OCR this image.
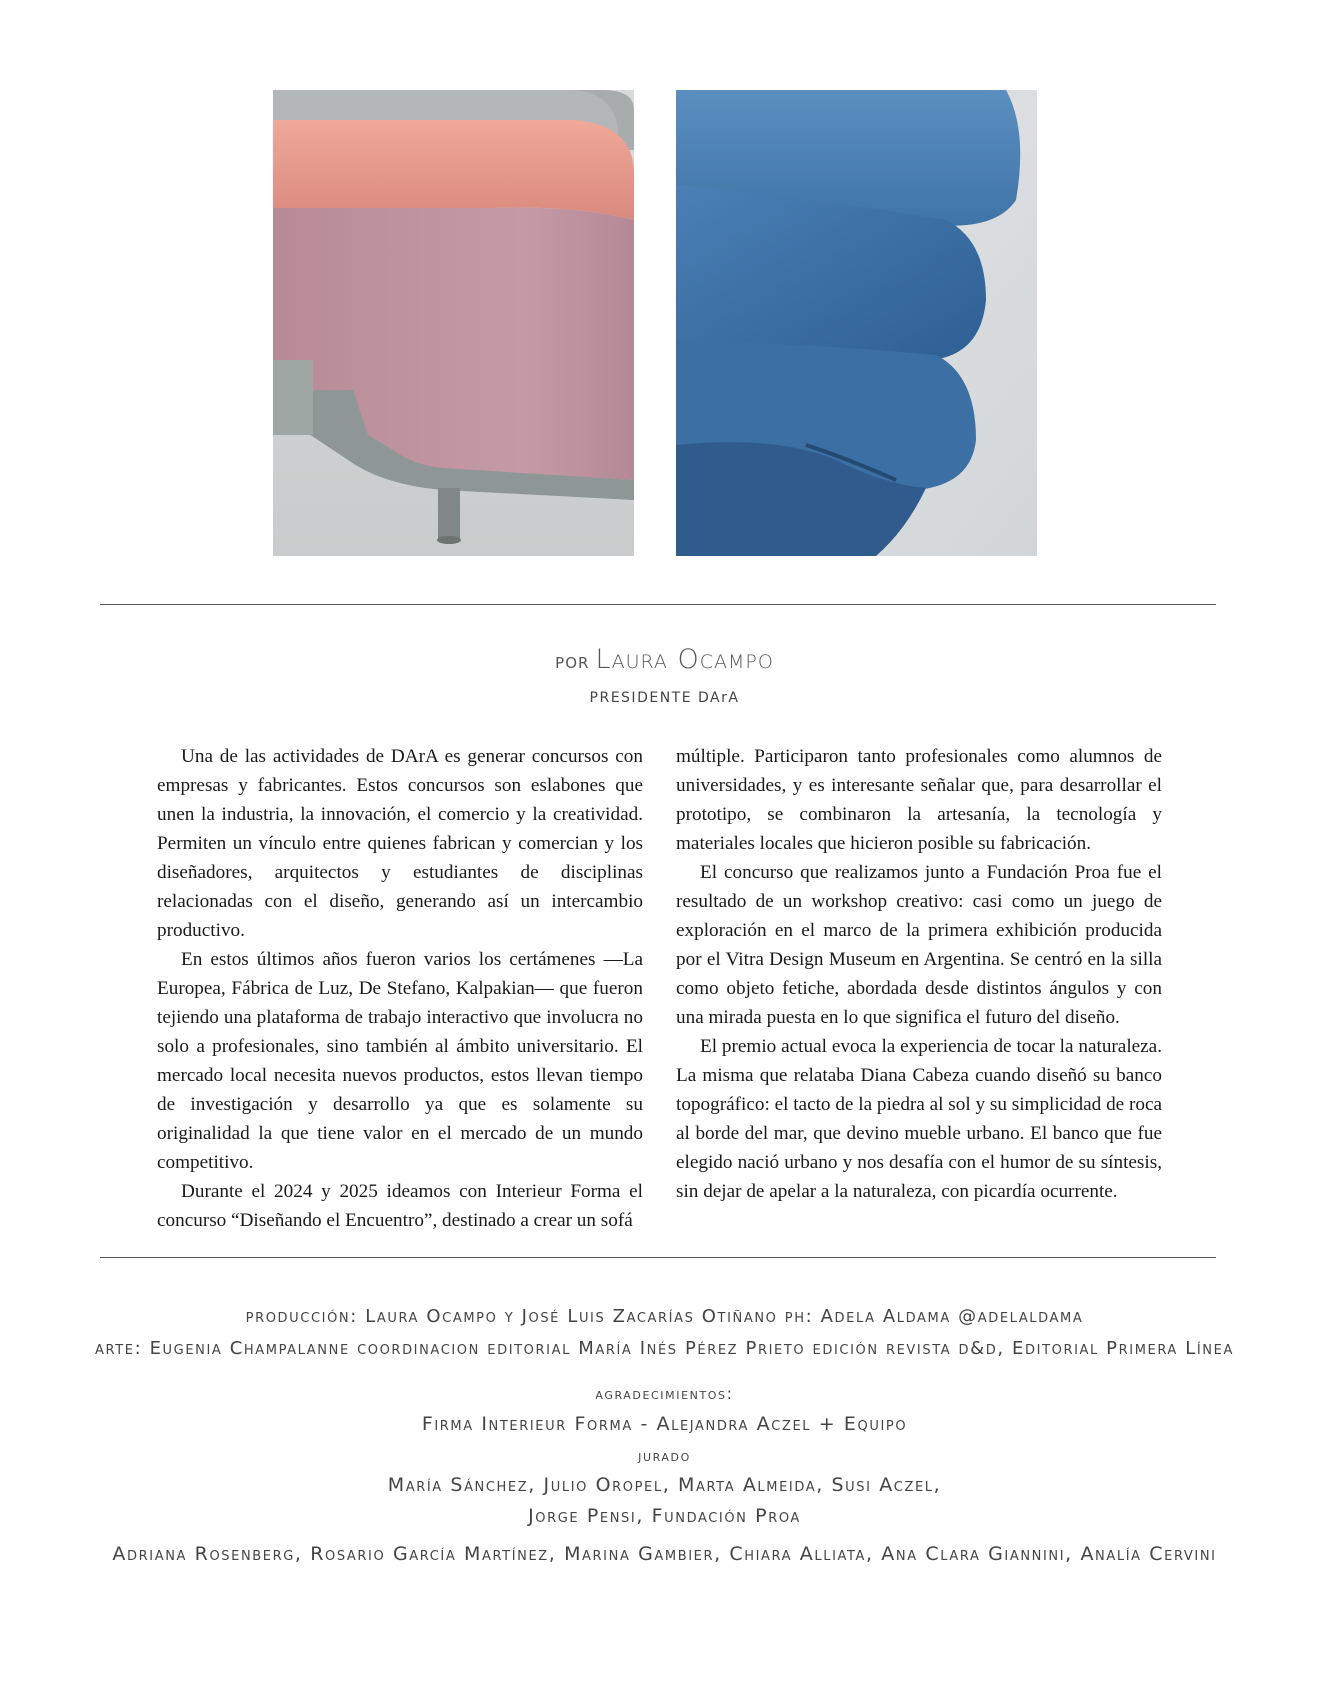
por Laura Ocampo
PRESIDENTE DArA

Una de las actividades de DArA es generar concursos con empresas y fabricantes. Estos concursos son eslabones que unen la industria, la innovación, el comercio y la creatividad. Permiten un vínculo entre quienes fabrican y comercian y los diseñadores, arquitectos y estudiantes de disciplinas relacionadas con el diseño, generando así un intercambio productivo.

En estos últimos años fueron varios los certámenes —La Europea, Fábrica de Luz, De Stefano, Kalpakian— que fueron tejiendo una plataforma de trabajo interactivo que involucra no solo a profesionales, sino también al ámbito universitario. El mercado local necesita nuevos productos, estos llevan tiempo de investigación y desarrollo ya que es solamente su originalidad la que tiene valor en el mercado de un mundo competitivo.

Durante el 2024 y 2025 ideamos con Interieur Forma el concurso “Diseñando el Encuentro”, destinado a crear un sofá

múltiple. Participaron tanto profesionales como alumnos de universidades, y es interesante señalar que, para desarrollar el prototipo, se combinaron la artesanía, la tecnología y materiales locales que hicieron posible su fabricación.

El concurso que realizamos junto a Fundación Proa fue el resultado de un workshop creativo: casi como un juego de exploración en el marco de la primera exhibición producida por el Vitra Design Museum en Argentina. Se centró en la silla como objeto fetiche, abordada desde distintos ángulos y con una mirada puesta en lo que significa el futuro del diseño.

El premio actual evoca la experiencia de tocar la naturaleza. La misma que relataba Diana Cabeza cuando diseñó su banco topográfico: el tacto de la piedra al sol y su simplicidad de roca al borde del mar, que devino mueble urbano. El banco que fue elegido nació urbano y nos desafía con el humor de su síntesis, sin dejar de apelar a la naturaleza, con picardía ocurrente.

producción: Laura Ocampo y José Luis Zacarías Otiñano ph: Adela Aldama @adelaldama
arte: Eugenia Champalanne coordinacion editorial María Inés Pérez Prieto edición revista d&d, Editorial Primera Línea
agradecimientos:
Firma Interieur Forma - Alejandra Aczel + Equipo
jurado
María Sánchez, Julio Oropel, Marta Almeida, Susi Aczel,
Jorge Pensi, Fundación Proa
Adriana Rosenberg, Rosario García Martínez, Marina Gambier, Chiara Alliata, Ana Clara Giannini, Analía Cervini
